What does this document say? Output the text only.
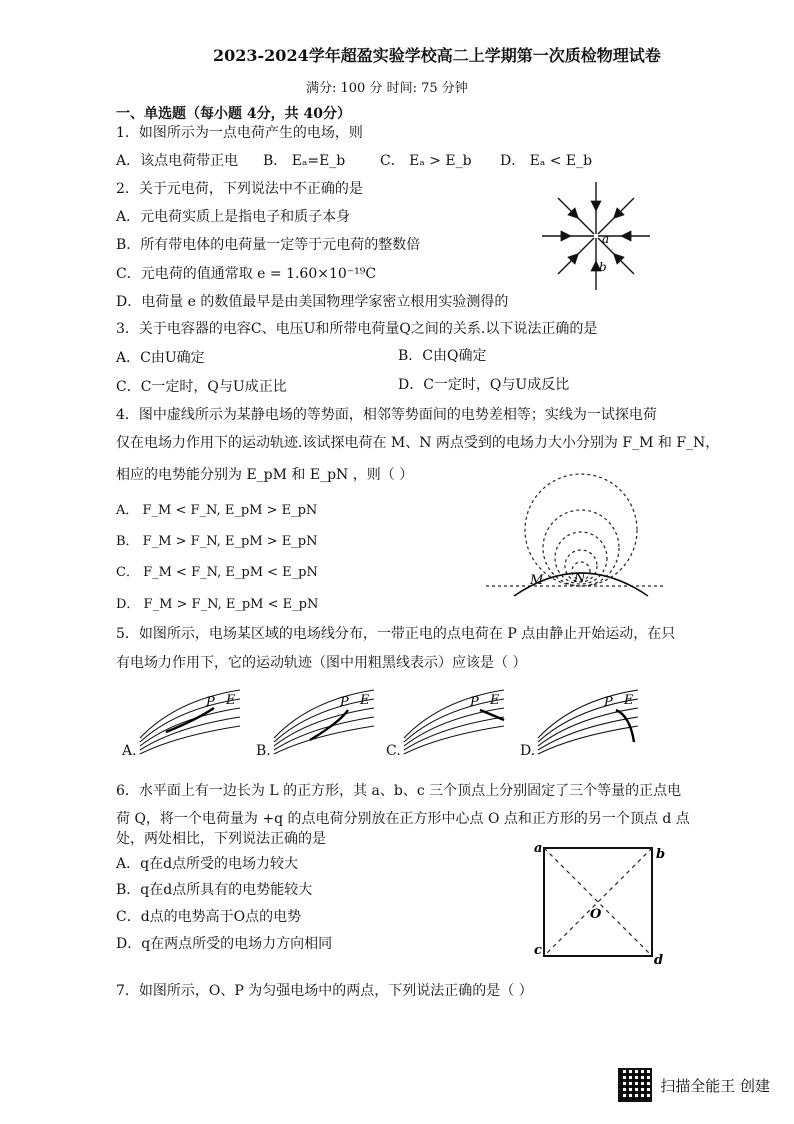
2023-2024学年超盈实验学校高二上学期第一次质检物理试卷
满分: 100 分 时间: 75 分钟
一、单选题（每小题 4分，共 40分）
1．如图所示为一点电荷产生的电场，则
A．该点电荷带正电 B． Eₐ=E_b C． Eₐ > E_b D． Eₐ < E_b
a
b
2．关于元电荷，下列说法中不正确的是
A．元电荷实质上是指电子和质子本身
B．所有带电体的电荷量一定等于元电荷的整数倍
C．元电荷的值通常取 e = 1.60×10⁻¹⁹C
D．电荷量 e 的数值最早是由美国物理学家密立根用实验测得的
3．关于电容器的电容C、电压U和所带电荷量Q之间的关系.以下说法正确的是
A．C由U确定	B．C由Q确定
C．C一定时，Q与U成正比	D．C一定时，Q与U成反比
4．图中虚线所示为某静电场的等势面，相邻等势面间的电势差相等；实线为一试探电荷
仅在电场力作用下的运动轨迹.该试探电荷在 M、N 两点受到的电场力大小分别为 F_M 和 F_N，
相应的电势能分别为 E_pM 和 E_pN ，则（ ）
A． F_M < F_N, E_pM > E_pN
B． F_M > F_N, E_pM > E_pN
C． F_M < F_N, E_pM < E_pN
D． F_M > F_N, E_pM < E_pN
M N
5．如图所示，电场某区域的电场线分布，一带正电的点电荷在 P 点由静止开始运动，在只
有电场力作用下，它的运动轨迹（图中用粗黑线表示）应该是（ ）
A.
P E
B.
P E
C.
P E
D.
P E
6．水平面上有一边长为 L 的正方形，其 a、b、c 三个顶点上分别固定了三个等量的正点电
荷 Q，将一个电荷量为 +q 的点电荷分别放在正方形中心点 O 点和正方形的另一个顶点 d 点
处，两处相比，下列说法正确的是
A．q在d点所受的电场力较大
B．q在d点所具有的电势能较大
C．d点的电势高于O点的电势
D．q在两点所受的电场力方向相同
a	b
c
d
O
7．如图所示，O、P 为匀强电场中的两点，下列说法正确的是（ ）
扫描全能王 创建
